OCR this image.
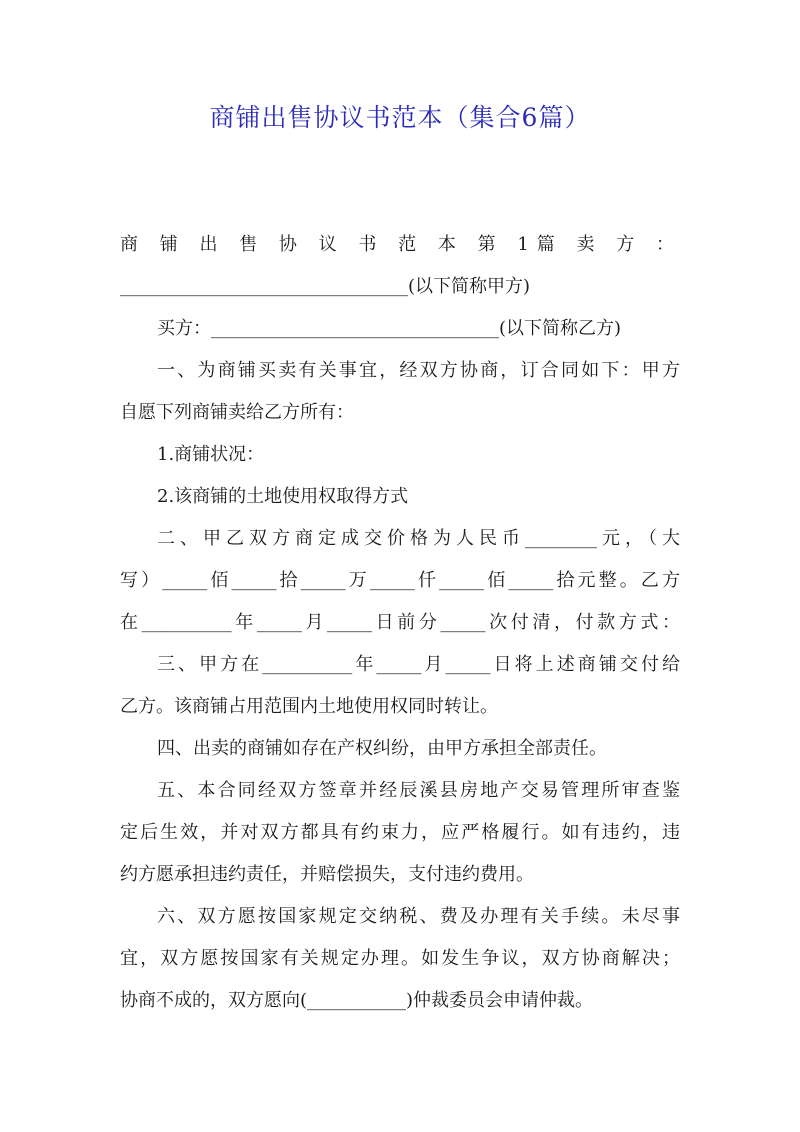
商铺出售协议书范本（集合6篇）
商 铺 出 售 协 议 书 范 本 第 1篇 卖 方 ：
________________________________(以下简称甲方)
买方：________________________________(以下简称乙方)
一、为商铺买卖有关事宜，经双方协商，订合同如下：甲方
自愿下列商铺卖给乙方所有：
1.商铺状况：
2.该商铺的土地使用权取得方式
二、甲乙双方商定成交价格为人民币________元，（大
写）_____佰_____拾_____万_____仟_____佰_____拾元整。乙方
在__________年_____月_____日前分_____次付清，付款方式：
三、甲方在__________年_____月_____日将上述商铺交付给
乙方。该商铺占用范围内土地使用权同时转让。
四、出卖的商铺如存在产权纠纷，由甲方承担全部责任。
五、本合同经双方签章并经辰溪县房地产交易管理所审查鉴
定后生效，并对双方都具有约束力，应严格履行。如有违约，违
约方愿承担违约责任，并赔偿损失，支付违约费用。
六、双方愿按国家规定交纳税、费及办理有关手续。未尽事
宜，双方愿按国家有关规定办理。如发生争议，双方协商解决；
协商不成的，双方愿向(___________)仲裁委员会申请仲裁。
